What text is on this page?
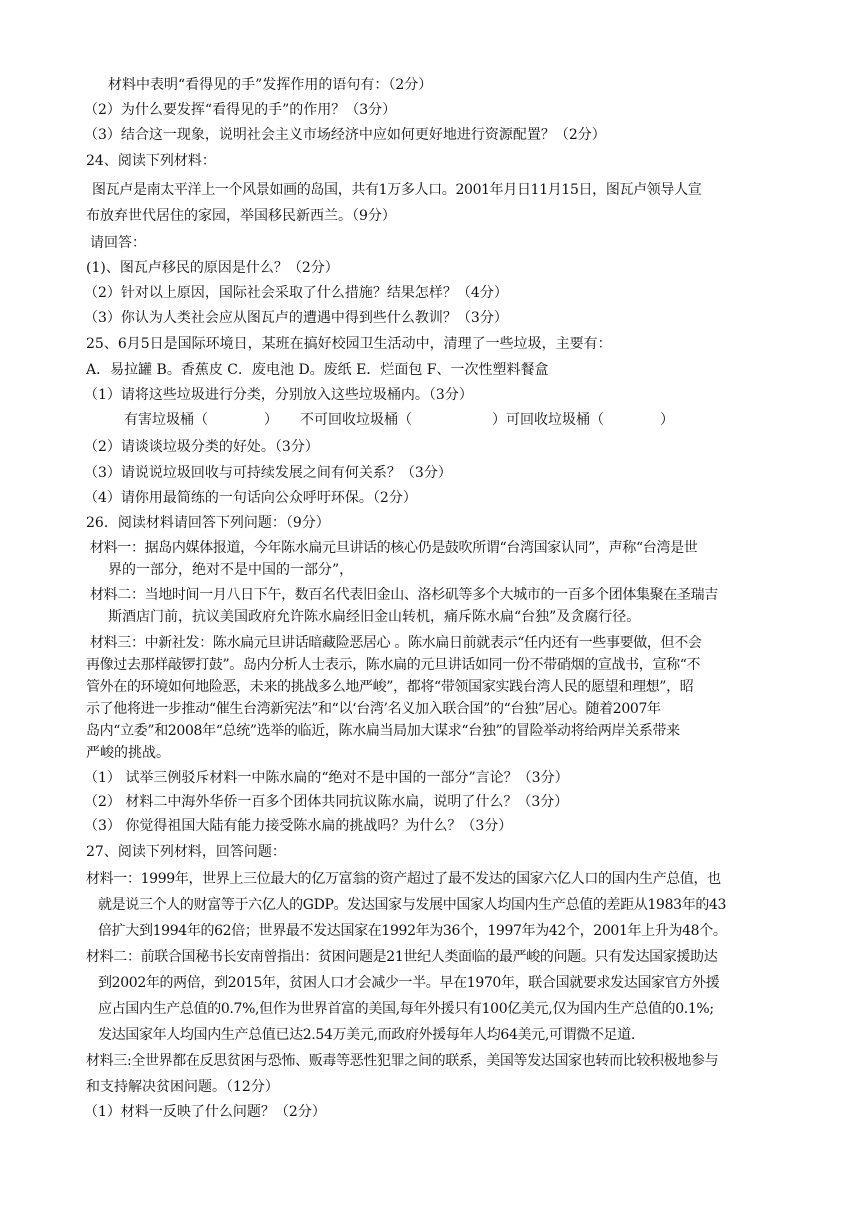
材料中表明“看得见的手”发挥作用的语句有：（2分）

（2）为什么要发挥“看得见的手”的作用？（3分）

（3）结合这一现象，说明社会主义市场经济中应如何更好地进行资源配置？（2分）

24、阅读下列材料：

图瓦卢是南太平洋上一个风景如画的岛国，共有1万多人口。2001年月日11月15日，图瓦卢领导人宣

布放弃世代居住的家园，举国移民新西兰。（9分）

请回答：

(1)、图瓦卢移民的原因是什么？（2分）

（2）针对以上原因，国际社会采取了什么措施？结果怎样？（4分）

（3）你认为人类社会应从图瓦卢的遭遇中得到些什么教训？（3分）

25、6月5日是国际环境日，某班在搞好校园卫生活动中，清理了一些垃圾，主要有：

A．易拉罐 B。香蕉皮 C．废电池 D。废纸 E．烂面包 F、一次性塑料餐盒

（1）请将这些垃圾进行分类，分别放入这些垃圾桶内。（3分）

有害垃圾桶（	） 不可回收垃圾桶（	）可回收垃圾桶（	）

（2）请谈谈垃圾分类的好处。（3分）

（3）请说说垃圾回收与可持续发展之间有何关系？（3分）

（4）请你用最简练的一句话向公众呼吁环保。（2分）

26．阅读材料请回答下列问题：（9分）

材料一：据岛内媒体报道，今年陈水扁元旦讲话的核心仍是鼓吹所谓“台湾国家认同”，声称“台湾是世

界的一部分，绝对不是中国的一部分”，

材料二：当地时间一月八日下午，数百名代表旧金山、洛杉矶等多个大城市的一百多个团体集聚在圣瑞吉

斯酒店门前，抗议美国政府允许陈水扁经旧金山转机，痛斥陈水扁“台独”及贪腐行径。

材料三：中新社发：陈水扁元旦讲话暗藏险恶居心 。陈水扁日前就表示“任内还有一些事要做，但不会

再像过去那样敲锣打鼓”。岛内分析人士表示，陈水扁的元旦讲话如同一份不带硝烟的宣战书，宣称“不

管外在的环境如何地险恶，未来的挑战多么地严峻”，都将“带领国家实践台湾人民的愿望和理想”，昭

示了他将进一步推动“催生台湾新宪法”和“以‘台湾’名义加入联合国”的“台独”居心。随着2007年

岛内“立委”和2008年“总统”选举的临近，陈水扁当局加大谋求“台独”的冒险举动将给两岸关系带来

严峻的挑战。

（1） 试举三例驳斥材料一中陈水扁的“绝对不是中国的一部分”言论？（3分）

（2） 材料二中海外华侨一百多个团体共同抗议陈水扁，说明了什么？（3分）

（3） 你觉得祖国大陆有能力接受陈水扁的挑战吗？为什么？（3分）

27、阅读下列材料，回答问题：

材料一：1999年，世界上三位最大的亿万富翁的资产超过了最不发达的国家六亿人口的国内生产总值，也

就是说三个人的财富等于六亿人的GDP。发达国家与发展中国家人均国内生产总值的差距从1983年的43

倍扩大到1994年的62倍；世界最不发达国家在1992年为36个，1997年为42个，2001年上升为48个。

材料二：前联合国秘书长安南曾指出：贫困问题是21世纪人类面临的最严峻的问题。只有发达国家援助达

到2002年的两倍，到2015年，贫困人口才会减少一半。早在1970年，联合国就要求发达国家官方外援

应占国内生产总值的0.7%,但作为世界首富的美国,每年外援只有100亿美元,仅为国内生产总值的0.1%;

发达国家年人均国内生产总值已达2.54万美元,而政府外援每年人均64美元,可谓微不足道.

材料三:全世界都在反思贫困与恐怖、贩毒等恶性犯罪之间的联系，美国等发达国家也转而比较积极地参与

和支持解决贫困问题。（12分）

（1）材料一反映了什么问题？（2分）
